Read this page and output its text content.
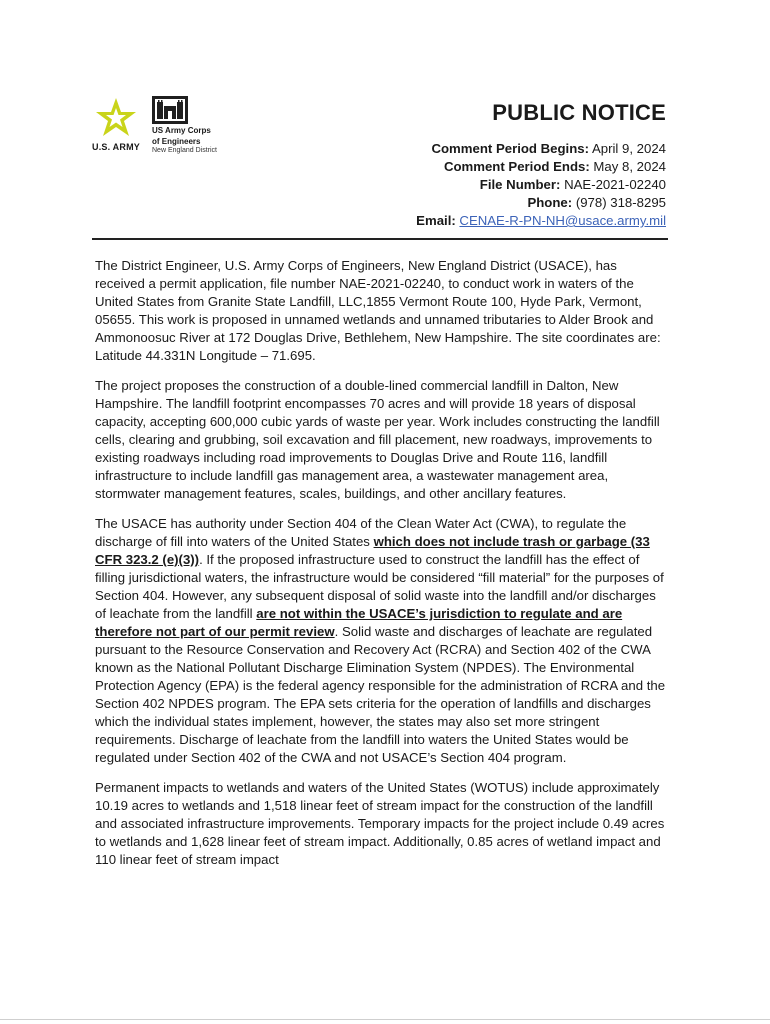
U.S. ARMY
US Army Corps
of Engineers
New England District
PUBLIC NOTICE
Comment Period Begins: April 9, 2024
Comment Period Ends: May 8, 2024
File Number: NAE-2021-02240
Phone: (978) 318-8295
Email: CENAE-R-PN-NH@usace.army.mil

The District Engineer, U.S. Army Corps of Engineers, New England District (USACE), has received a permit application, file number NAE-2021-02240, to conduct work in waters of the United States from Granite State Landfill, LLC,1855 Vermont Route 100, Hyde Park, Vermont, 05655. This work is proposed in unnamed wetlands and unnamed tributaries to Alder Brook and Ammonoosuc River at 172 Douglas Drive, Bethlehem, New Hampshire. The site coordinates are: Latitude 44.331N Longitude – 71.695.

The project proposes the construction of a double-lined commercial landfill in Dalton, New Hampshire. The landfill footprint encompasses 70 acres and will provide 18 years of disposal capacity, accepting 600,000 cubic yards of waste per year. Work includes constructing the landfill cells, clearing and grubbing, soil excavation and fill placement, new roadways, improvements to existing roadways including road improvements to Douglas Drive and Route 116, landfill infrastructure to include landfill gas management area, a wastewater management area, stormwater management features, scales, buildings, and other ancillary features.

The USACE has authority under Section 404 of the Clean Water Act (CWA), to regulate the discharge of fill into waters of the United States which does not include trash or garbage (33 CFR 323.2 (e)(3)). If the proposed infrastructure used to construct the landfill has the effect of filling jurisdictional waters, the infrastructure would be considered “fill material” for the purposes of Section 404. However, any subsequent disposal of solid waste into the landfill and/or discharges of leachate from the landfill are not within the USACE’s jurisdiction to regulate and are therefore not part of our permit review. Solid waste and discharges of leachate are regulated pursuant to the Resource Conservation and Recovery Act (RCRA) and Section 402 of the CWA known as the National Pollutant Discharge Elimination System (NPDES). The Environmental Protection Agency (EPA) is the federal agency responsible for the administration of RCRA and the Section 402 NPDES program. The EPA sets criteria for the operation of landfills and discharges which the individual states implement, however, the states may also set more stringent requirements. Discharge of leachate from the landfill into waters the United States would be regulated under Section 402 of the CWA and not USACE’s Section 404 program.

Permanent impacts to wetlands and waters of the United States (WOTUS) include approximately 10.19 acres to wetlands and 1,518 linear feet of stream impact for the construction of the landfill and associated infrastructure improvements. Temporary impacts for the project include 0.49 acres to wetlands and 1,628 linear feet of stream impact. Additionally, 0.85 acres of wetland impact and 110 linear feet of stream impact
